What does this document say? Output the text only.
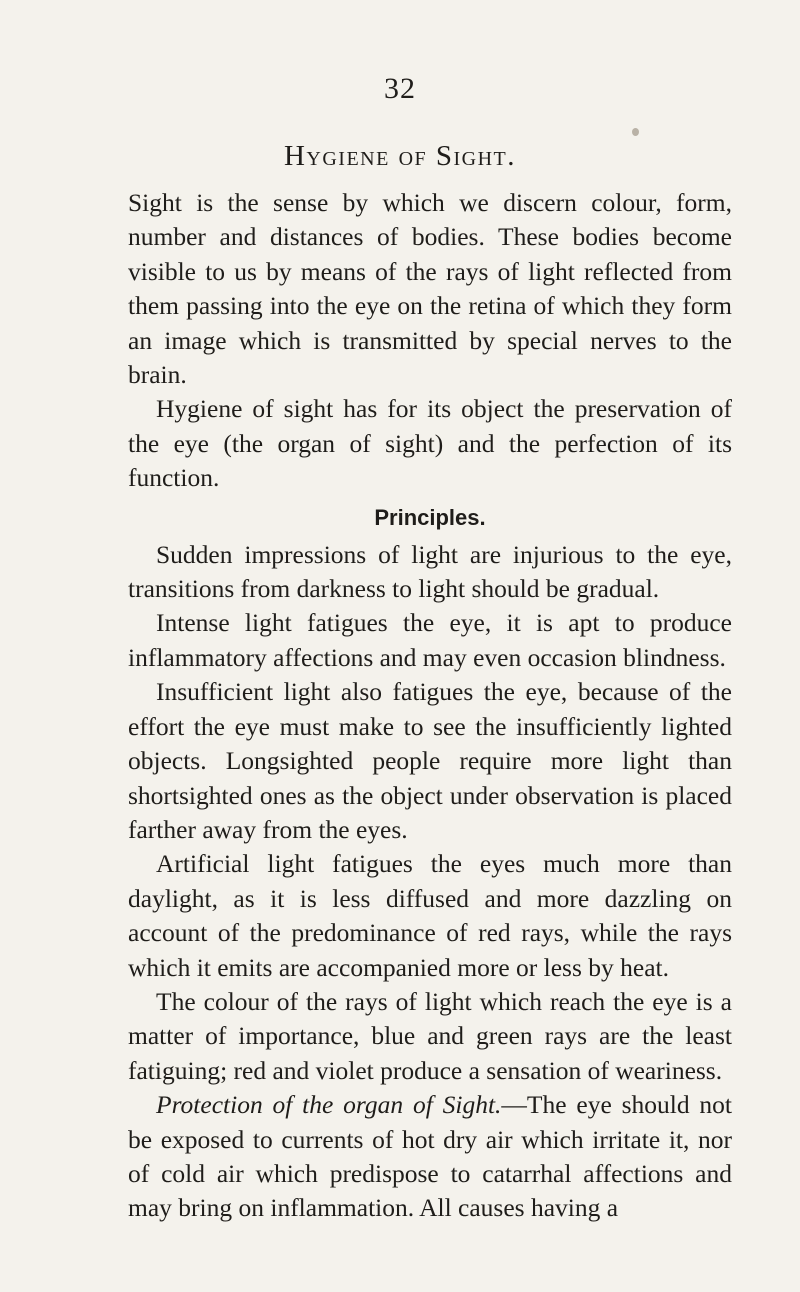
32
Hygiene of Sight.

Sight is the sense by which we discern colour, form, number and distances of bodies. These bodies become visible to us by means of the rays of light reflected from them passing into the eye on the retina of which they form an image which is transmitted by special nerves to the brain.

Hygiene of sight has for its object the preservation of the eye (the organ of sight) and the perfection of its function.

Principles.

Sudden impressions of light are injurious to the eye, transitions from darkness to light should be gradual.

Intense light fatigues the eye, it is apt to produce inflammatory affections and may even occasion blindness.

Insufficient light also fatigues the eye, because of the effort the eye must make to see the insufficiently lighted objects. Longsighted people require more light than shortsighted ones as the object under observation is placed farther away from the eyes.

Artificial light fatigues the eyes much more than daylight, as it is less diffused and more dazzling on account of the predominance of red rays, while the rays which it emits are accompanied more or less by heat.

The colour of the rays of light which reach the eye is a matter of importance, blue and green rays are the least fatiguing; red and violet produce a sensation of weariness.

Protection of the organ of Sight.—The eye should not be exposed to currents of hot dry air which irritate it, nor of cold air which predispose to catarrhal affections and may bring on inflammation. All causes having a
